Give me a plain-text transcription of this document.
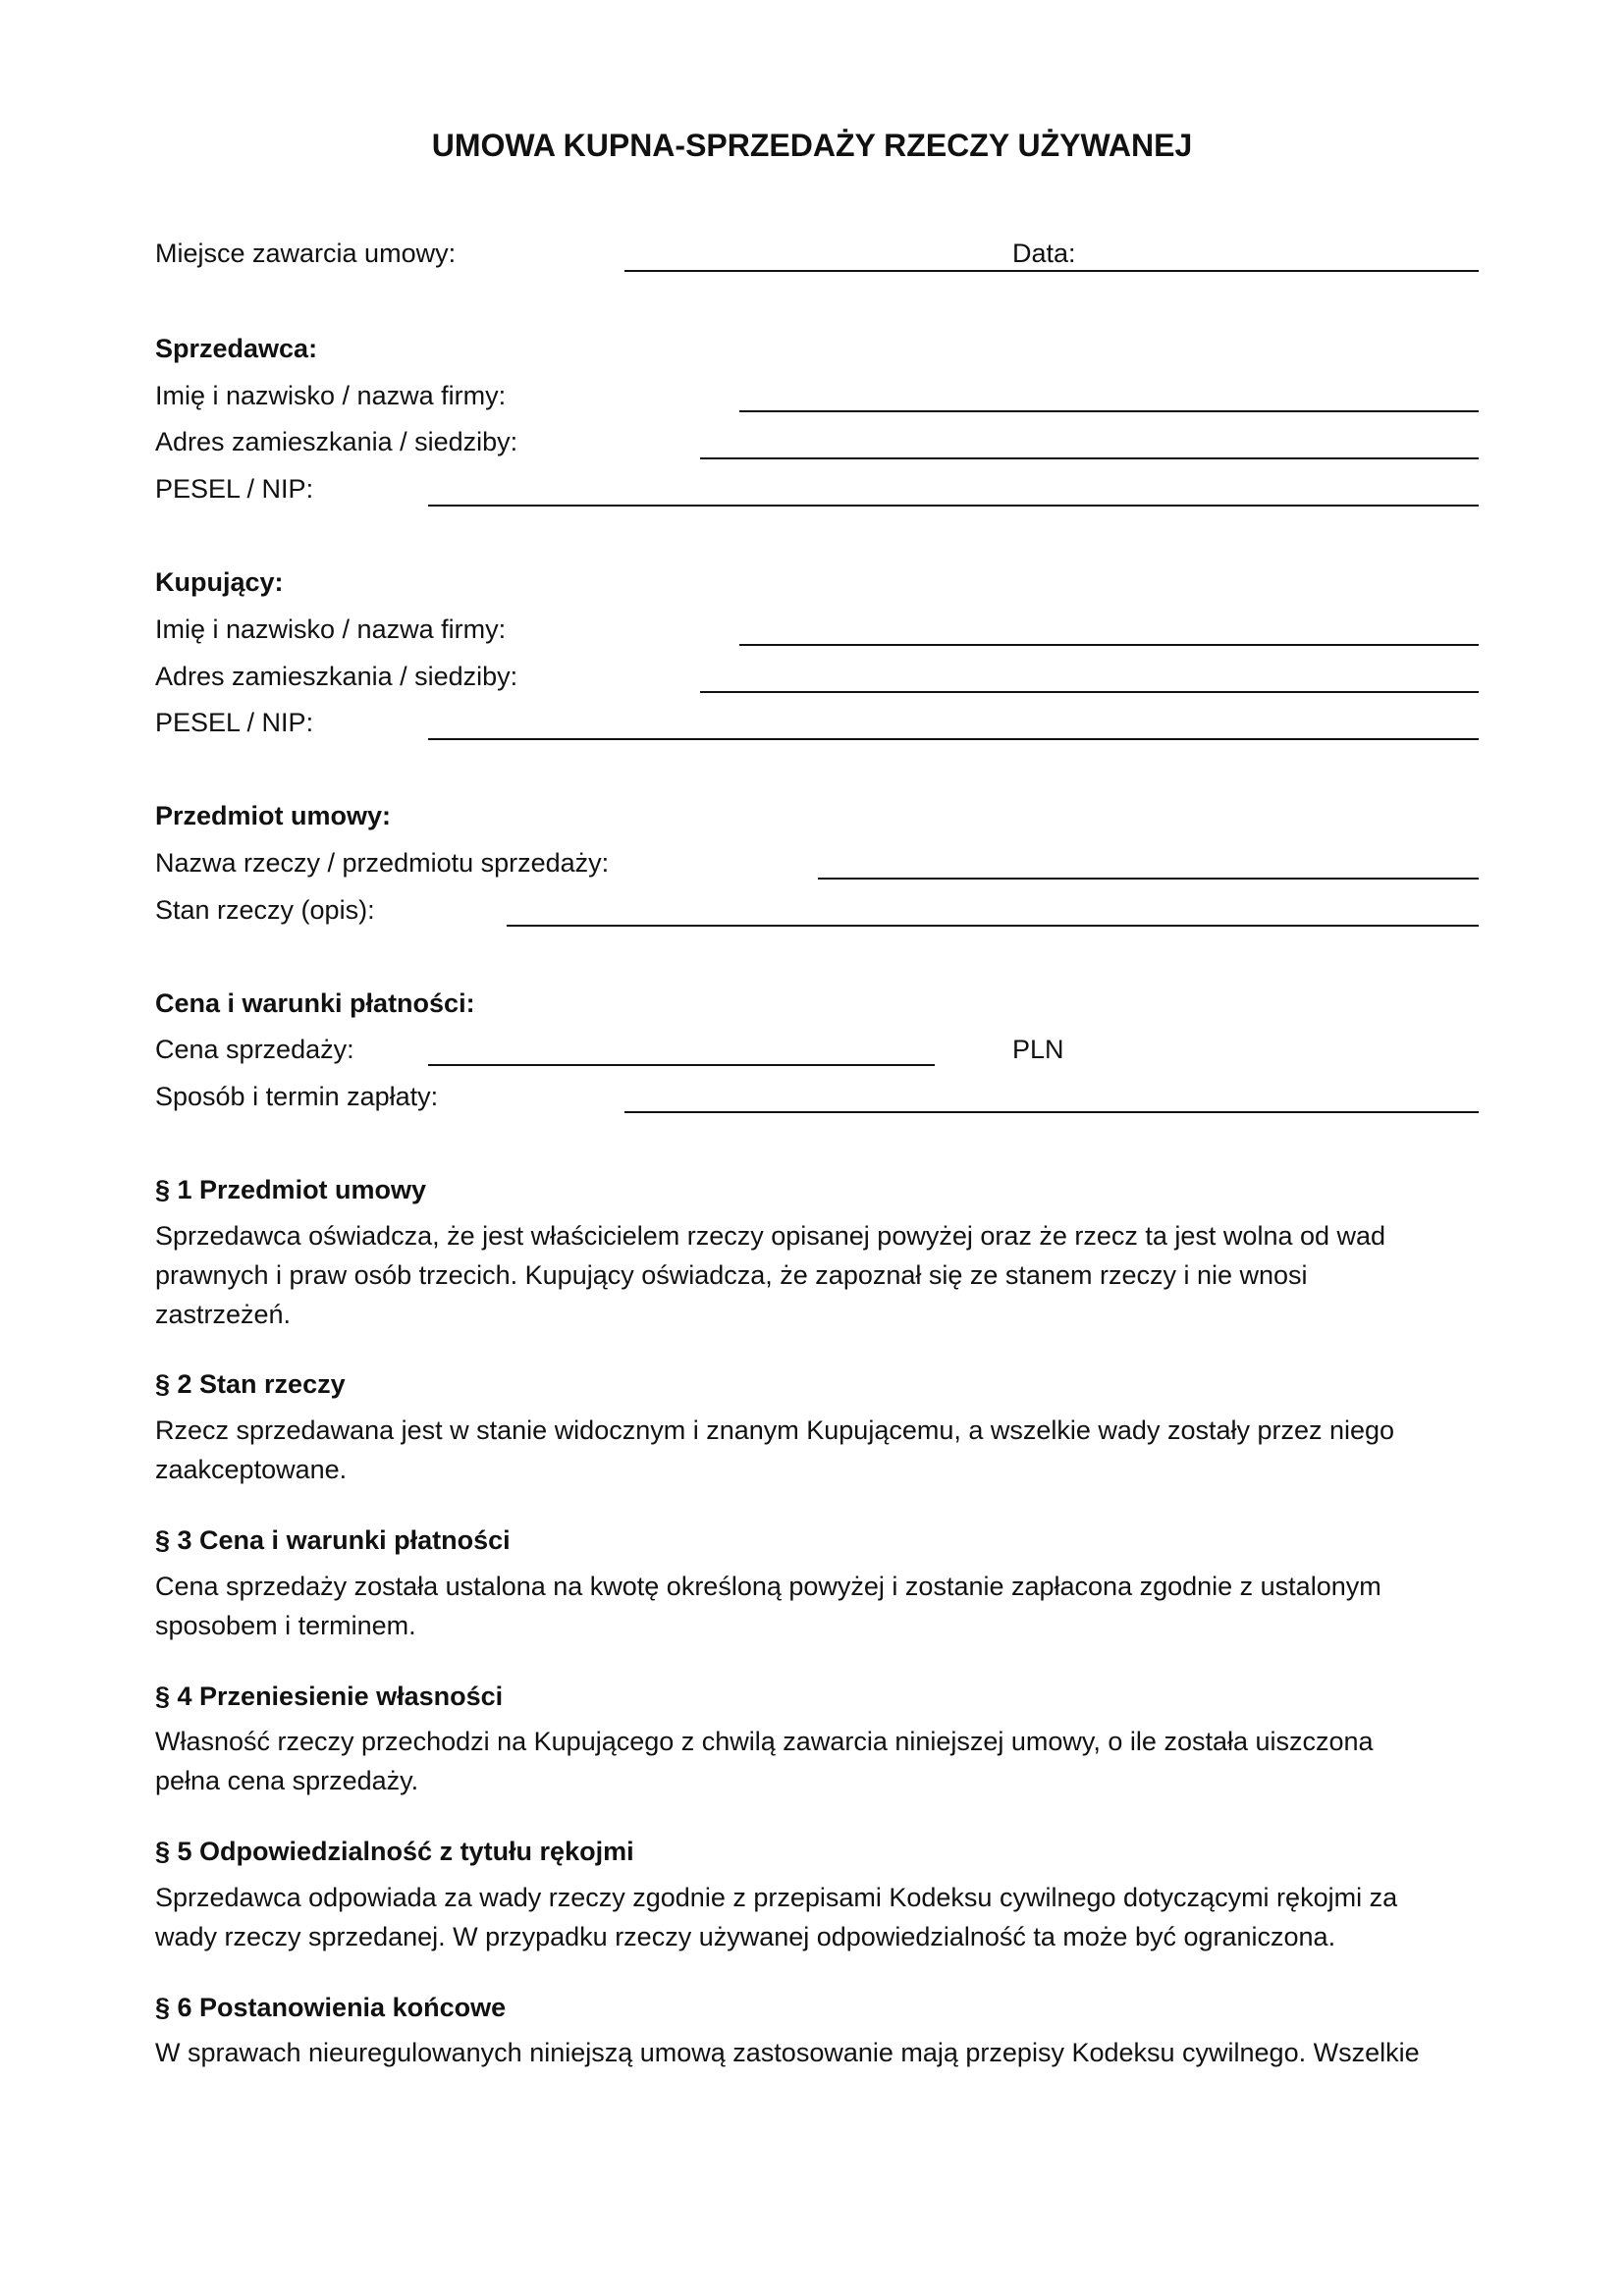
UMOWA KUPNA-SPRZEDAŻY RZECZY UŻYWANEJ
Miejsce zawarcia umowy:	Data:
Sprzedawca:
Imię i nazwisko / nazwa firmy:
Adres zamieszkania / siedziby:
PESEL / NIP:
Kupujący:
Imię i nazwisko / nazwa firmy:
Adres zamieszkania / siedziby:
PESEL / NIP:
Przedmiot umowy:
Nazwa rzeczy / przedmiotu sprzedaży:
Stan rzeczy (opis):
Cena i warunki płatności:
Cena sprzedaży:	PLN
Sposób i termin zapłaty:
§ 1 Przedmiot umowy
Sprzedawca oświadcza, że jest właścicielem rzeczy opisanej powyżej oraz że rzecz ta jest wolna od wad
prawnych i praw osób trzecich. Kupujący oświadcza, że zapoznał się ze stanem rzeczy i nie wnosi
zastrzeżeń.
§ 2 Stan rzeczy
Rzecz sprzedawana jest w stanie widocznym i znanym Kupującemu, a wszelkie wady zostały przez niego
zaakceptowane.
§ 3 Cena i warunki płatności
Cena sprzedaży została ustalona na kwotę określoną powyżej i zostanie zapłacona zgodnie z ustalonym
sposobem i terminem.
§ 4 Przeniesienie własności
Własność rzeczy przechodzi na Kupującego z chwilą zawarcia niniejszej umowy, o ile została uiszczona
pełna cena sprzedaży.
§ 5 Odpowiedzialność z tytułu rękojmi
Sprzedawca odpowiada za wady rzeczy zgodnie z przepisami Kodeksu cywilnego dotyczącymi rękojmi za
wady rzeczy sprzedanej. W przypadku rzeczy używanej odpowiedzialność ta może być ograniczona.
§ 6 Postanowienia końcowe
W sprawach nieuregulowanych niniejszą umową zastosowanie mają przepisy Kodeksu cywilnego. Wszelkie
